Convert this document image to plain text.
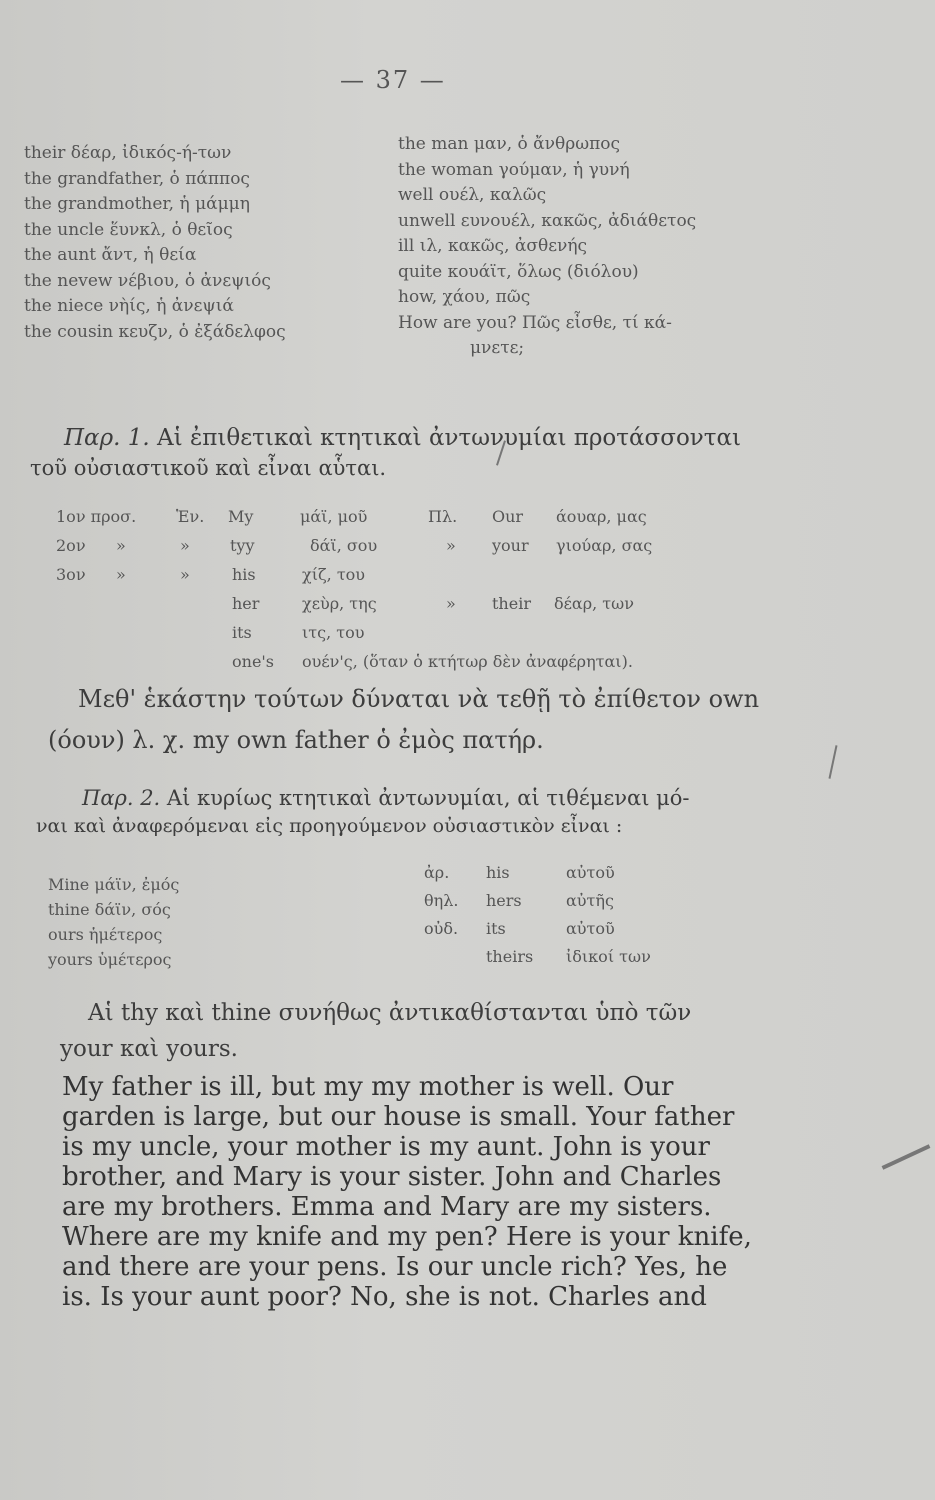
— 37 —
their δέαρ, ἰδικός-ή-των
the grandfather, ὁ πάππος
the grandmother, ἡ μάμμη
the uncle ἕυνκλ, ὁ θεῖος
the aunt ἄντ, ἡ θεία
the nevew νέβιου, ὁ ἀνεψιός
the niece νὴίς, ἡ ἀνεψιά
the cousin κευζν, ὁ ἐξάδελφος
the man μαν, ὁ ἄνθρωπος
the woman γούμαν, ἡ γυνή
well ουέλ, καλῶς
unwell ευνουέλ, κακῶς, ἀδιάθετος
ill ιλ, κακῶς, ἀσθενής
quite κουάϊτ, ὅλως (διόλου)
how, χάου, πῶς
How are you? Πῶς εἶσθε, τί κά-
μνετε;
Παρ. 1. Αἱ ἐπιθετικαὶ κτητικαὶ ἀντωνυμίαι προτάσσονται
τοῦ οὐσιαστικοῦ καὶ εἶναι αὗται.
1ον προσ. Ἑν. My	μάϊ, μοῦ	Πλ. Our άουαρ, μας
2ον »	»	tyy	δάϊ, σου	» your γιούαρ, σας
3ον »	»	his	χίζ, του
her	χεὺρ, της	» their δέαρ, των
its	ιτς, του
one's ουέν'ς, (ὅταν ὁ κτήτωρ δὲν ἀναφέρηται).
Μεθ' ἑκάστην τούτων δύναται νὰ τεθῇ τὸ ἐπίθετον own
(όουν) λ. χ. my own father ὁ ἐμὸς πατήρ.
Παρ. 2. Αἱ κυρίως κτητικαὶ ἀντωνυμίαι, αἱ τιθέμεναι μό-
ναι καὶ ἀναφερόμεναι εἰς προηγούμενον οὐσιαστικὸν εἶναι :
Mine μάϊν, ἐμός
thine δάϊν, σός
ours ἡμέτερος
yours ὑμέτερος
ἀρ. his	αὐτοῦ
θηλ. hers	αὐτῆς
οὐδ. its	αὐτοῦ
theirs ἰδικοί των
Αἱ thy καὶ thine συνήθως ἀντικαθίστανται ὑπὸ τῶν
your καὶ yours.
My father is ill, but my my mother is well. Our
garden is large, but our house is small. Your father
is my uncle, your mother is my aunt. John is your
brother, and Mary is your sister. John and Charles
are my brothers. Emma and Mary are my sisters.
Where are my knife and my pen? Here is your knife,
and there are your pens. Is our uncle rich? Yes, he
is. Is your aunt poor? No, she is not. Charles and
